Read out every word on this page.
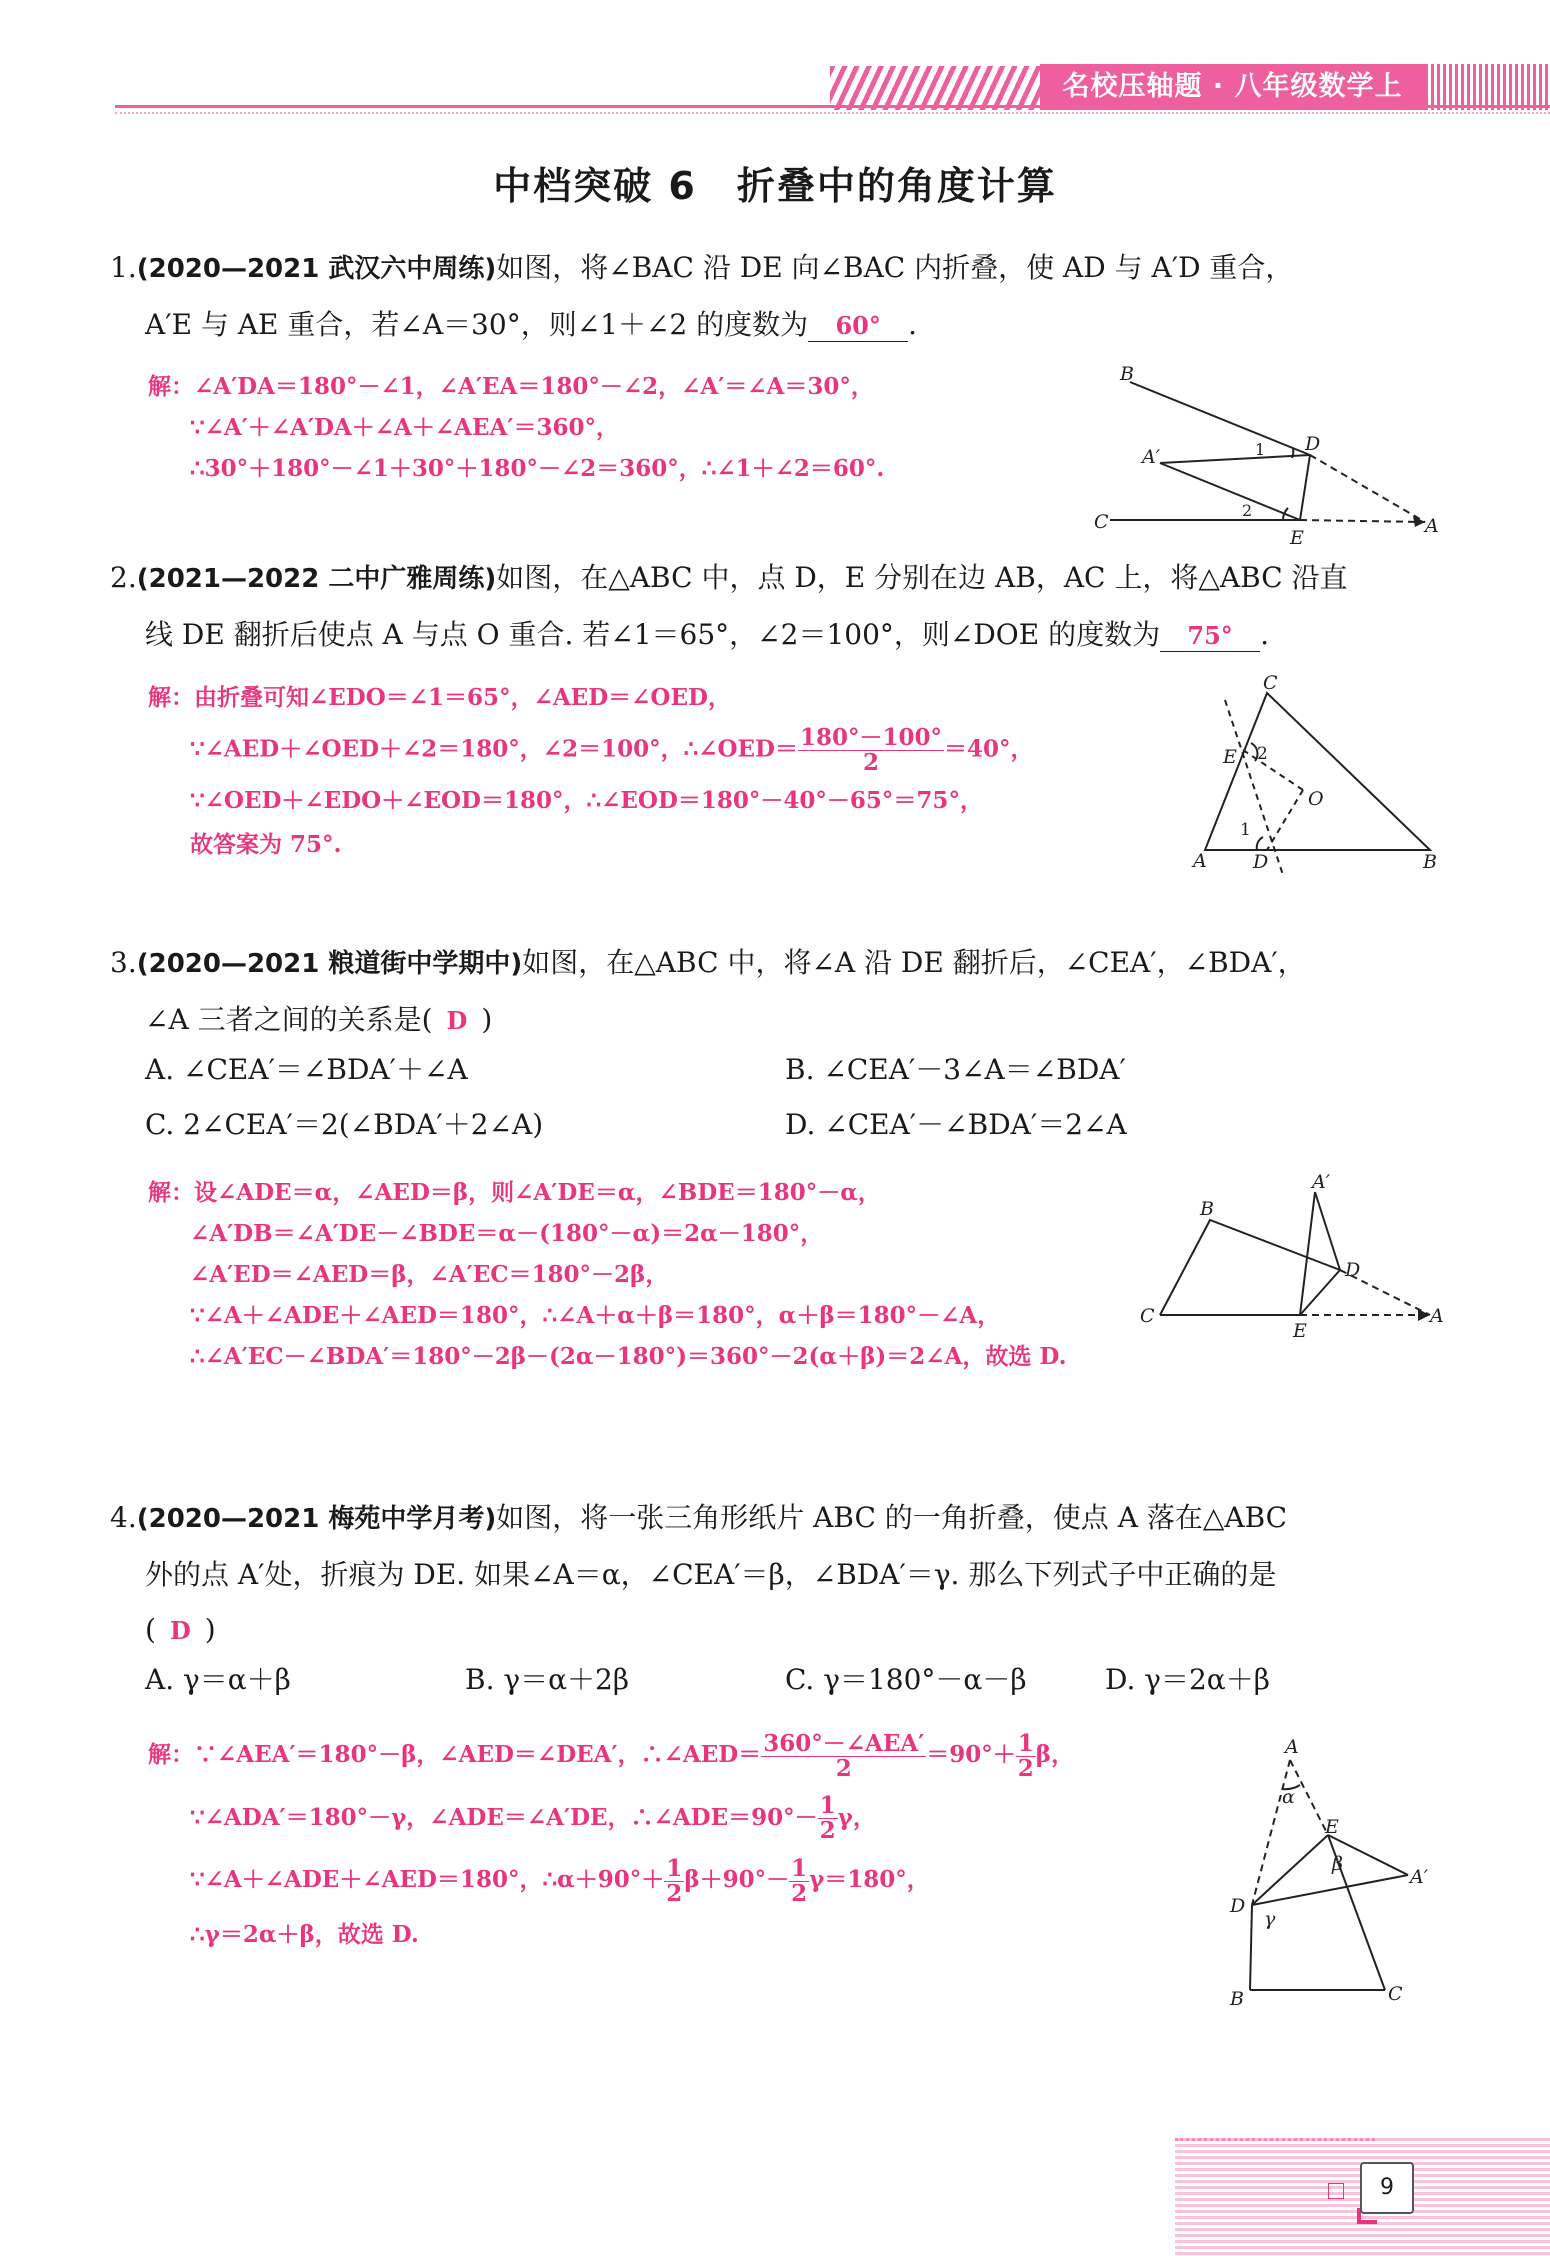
名校压轴题 · 八年级数学上
中档突破 6　折叠中的角度计算
1.(2020—2021 武汉六中周练)如图，将∠BAC 沿 DE 向∠BAC 内折叠，使 AD 与 A′D 重合，
A′E 与 AE 重合，若∠A＝30°，则∠1＋∠2 的度数为 60° .
解：∠A′DA＝180°－∠1，∠A′EA＝180°－∠2，∠A′＝∠A＝30°，
∵∠A′＋∠A′DA＋∠A＋∠AEA′＝360°，
∴30°＋180°－∠1＋30°＋180°－∠2＝360°，∴∠1＋∠2＝60°.
B
A′
D
C
E
A
1
2
2.(2021—2022 二中广雅周练)如图，在△ABC 中，点 D，E 分别在边 AB，AC 上，将△ABC 沿直
线 DE 翻折后使点 A 与点 O 重合. 若∠1＝65°，∠2＝100°，则∠DOE 的度数为 75° .
解：由折叠可知∠EDO＝∠1＝65°，∠AED＝∠OED，
∵∠AED＋∠OED＋∠2＝180°，∠2＝100°，∴∠OED＝ $\frac{180^\circ-100^\circ}{2} =40^\circ$，
∵∠OED＋∠EDO＋∠EOD＝180°，∴∠EOD＝180°－40°－65°＝75°，
故答案为 75°.
C
E 2
O
1
A D	B
3.(2020—2021 粮道街中学期中)如图，在△ABC 中，将∠A 沿 DE 翻折后，∠CEA′，∠BDA′，
∠A 三者之间的关系是( D )
A. ∠CEA′＝∠BDA′＋∠A	B. ∠CEA′－3∠A＝∠BDA′
C. 2∠CEA′＝2(∠BDA′＋2∠A)	D. ∠CEA′－∠BDA′＝2∠A
解：设∠ADE＝α，∠AED＝β，则∠A′DE＝α，∠BDE＝180°－α，
∠A′DB＝∠A′DE－∠BDE＝α－(180°－α)＝2α－180°，
∠A′ED＝∠AED＝β，∠A′EC＝180°－2β，
∵∠A＋∠ADE＋∠AED＝180°，∴∠A＋α＋β＝180°，α＋β＝180°－∠A，
∴∠A′EC－∠BDA′＝180°－2β－(2α－180°)＝360°－2(α＋β)＝2∠A，故选 D.
A′
B
D
C
E
A
4.(2020—2021 梅苑中学月考)如图，将一张三角形纸片 ABC 的一角折叠，使点 A 落在△ABC
外的点 A′处，折痕为 DE. 如果∠A＝α，∠CEA′＝β，∠BDA′＝γ. 那么下列式子中正确的是
( D )
A. γ＝α＋β	B. γ＝α＋2β	C. γ＝180°－α－β	D. γ＝2α＋β
解：∵∠AEA′＝180°－β，∠AED＝∠DEA′，∴∠AED＝ $\frac{\text{360°－∠AEA′}}{2} =90^\circ+ \frac{1}{2}$ β，
∵∠ADA′＝180°－γ，∠ADE＝∠A′DE，∴∠ADE＝90°－ $\frac{1}{2}$ γ，
∵∠A＋∠ADE＋∠AED＝180°，∴α＋90°＋ $\frac{1}{2} \beta+90^\circ- \frac{1}{2} \gamma=180^\circ$，
∴γ＝2α＋β，故选 D.
A
α
E
β
A′
D
γ
B	C
9
